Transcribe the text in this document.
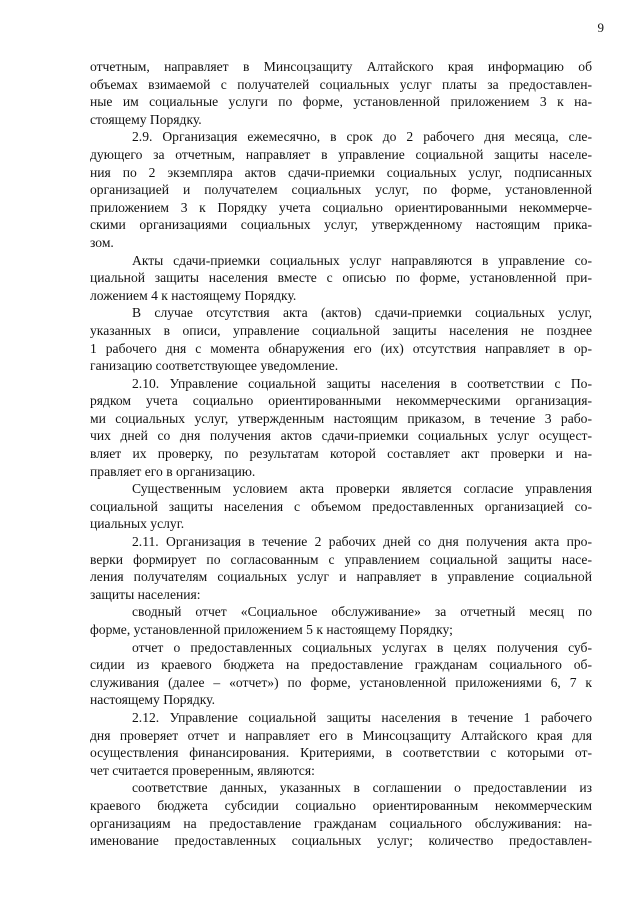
9
отчетным, направляет в Минсоцзащиту Алтайского края информацию об
объемах взимаемой с получателей социальных услуг платы за предоставлен-
ные им социальные услуги по форме, установленной приложением 3 к на-
стоящему Порядку.
2.9. Организация ежемесячно, в срок до 2 рабочего дня месяца, сле-
дующего за отчетным, направляет в управление социальной защиты населе-
ния по 2 экземпляра актов сдачи-приемки социальных услуг, подписанных
организацией и получателем социальных услуг, по форме, установленной
приложением 3 к Порядку учета социально ориентированными некоммерче-
скими организациями социальных услуг, утвержденному настоящим прика-
зом.
Акты сдачи-приемки социальных услуг направляются в управление со-
циальной защиты населения вместе с описью по форме, установленной при-
ложением 4 к настоящему Порядку.
В случае отсутствия акта (актов) сдачи-приемки социальных услуг,
указанных в описи, управление социальной защиты населения не позднее
1 рабочего дня с момента обнаружения его (их) отсутствия направляет в ор-
ганизацию соответствующее уведомление.
2.10. Управление социальной защиты населения в соответствии с По-
рядком учета социально ориентированными некоммерческими организация-
ми социальных услуг, утвержденным настоящим приказом, в течение 3 рабо-
чих дней со дня получения актов сдачи-приемки социальных услуг осущест-
вляет их проверку, по результатам которой составляет акт проверки и на-
правляет его в организацию.
Существенным условием акта проверки является согласие управления
социальной защиты населения с объемом предоставленных организацией со-
циальных услуг.
2.11. Организация в течение 2 рабочих дней со дня получения акта про-
верки формирует по согласованным с управлением социальной защиты насе-
ления получателям социальных услуг и направляет в управление социальной
защиты населения:
сводный отчет «Социальное обслуживание» за отчетный месяц по
форме, установленной приложением 5 к настоящему Порядку;
отчет о предоставленных социальных услугах в целях получения суб-
сидии из краевого бюджета на предоставление гражданам социального об-
служивания (далее – «отчет») по форме, установленной приложениями 6, 7 к
настоящему Порядку.
2.12. Управление социальной защиты населения в течение 1 рабочего
дня проверяет отчет и направляет его в Минсоцзащиту Алтайского края для
осуществления финансирования. Критериями, в соответствии с которыми от-
чет считается проверенным, являются:
соответствие данных, указанных в соглашении о предоставлении из
краевого бюджета субсидии социально ориентированным некоммерческим
организациям на предоставление гражданам социального обслуживания: на-
именование предоставленных социальных услуг; количество предоставлен-
